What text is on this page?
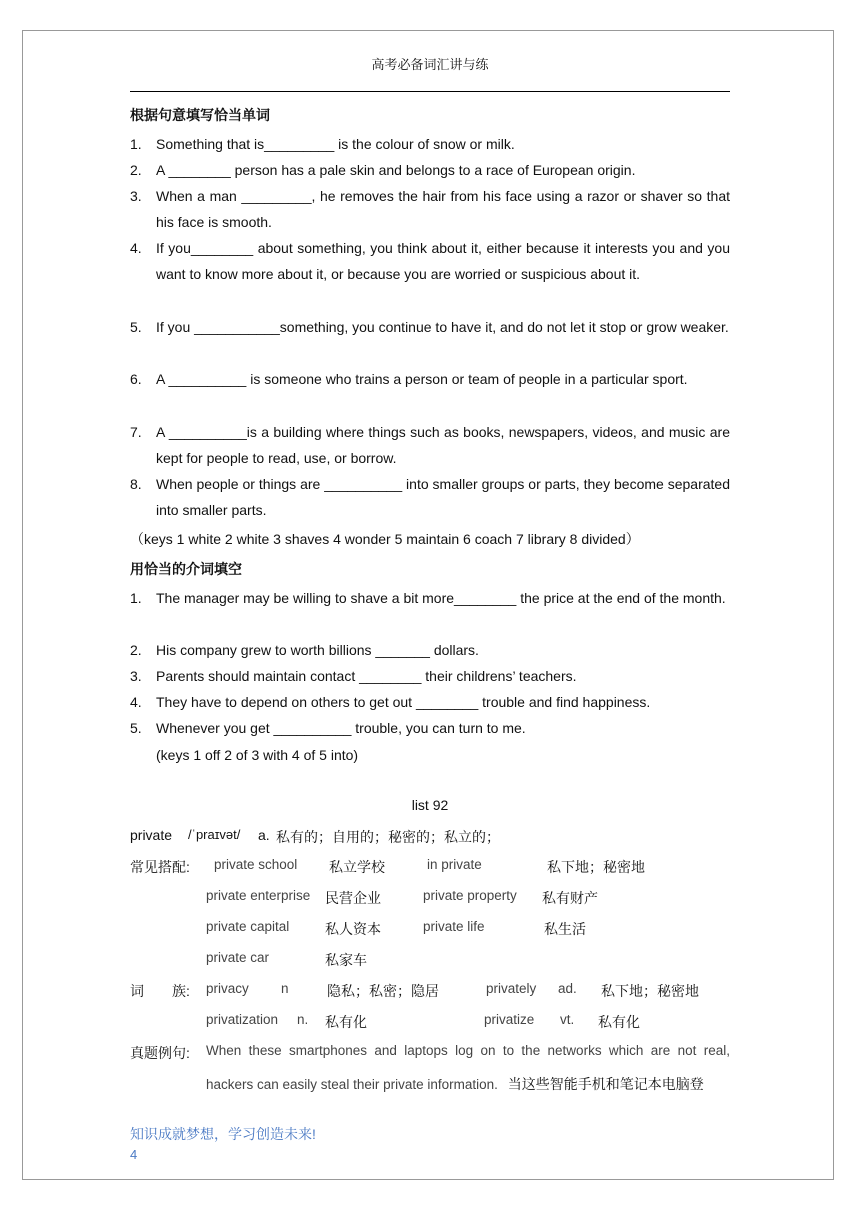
高考必备词汇讲与练
根据句意填写恰当单词
1.	Something that is_________ is the colour of snow or milk.
2.	A ________ person has a pale skin and belongs to a race of European origin.
3.	When a man _________, he removes the hair from his face using a razor or shaver so that his face is smooth.
4.	If you________ about something, you think about it, either because it interests you and you want to know more about it, or because you are worried or suspicious about it.
5.	If you ___________something, you continue to have it, and do not let it stop or grow weaker.
6.	A __________ is someone who trains a person or team of people in a particular sport.
7.	A __________is a building where things such as books, newspapers, videos, and music are kept for people to read, use, or borrow.
8.	When people or things are __________ into smaller groups or parts, they become separated into smaller parts.
（keys 1 white 2 white 3 shaves 4 wonder 5 maintain 6 coach 7 library 8 divided）
用恰当的介词填空
1.	The manager may be willing to shave a bit more________ the price at the end of the month.
2.	His company grew to worth billions _______ dollars.
3.	Parents should maintain contact ________ their childrens’ teachers.
4.	They have to depend on others to get out ________ trouble and find happiness.
5.	Whenever you get __________ trouble, you can turn to me.
(keys 1 off 2 of 3 with 4 of 5 into)
list 92
private /ˈpraɪvət/ a. 私有的；自用的；秘密的；私立的；
常见搭配: private school 私立学校	in private	私下地；秘密地
private enterprise 民营企业	private property 私有财产
private capital	私人资本	private life	私生活
private car	私家车
词　　族: privacy n	隐私；私密；隐居	privately ad. 私下地；秘密地
privatization n. 私有化	privatize vt. 私有化
真题例句: When these smartphones and laptops log on to the networks which are not real,
hackers can easily steal their private information. 当这些智能手机和笔记本电脑登
知识成就梦想，学习创造未来!
4
